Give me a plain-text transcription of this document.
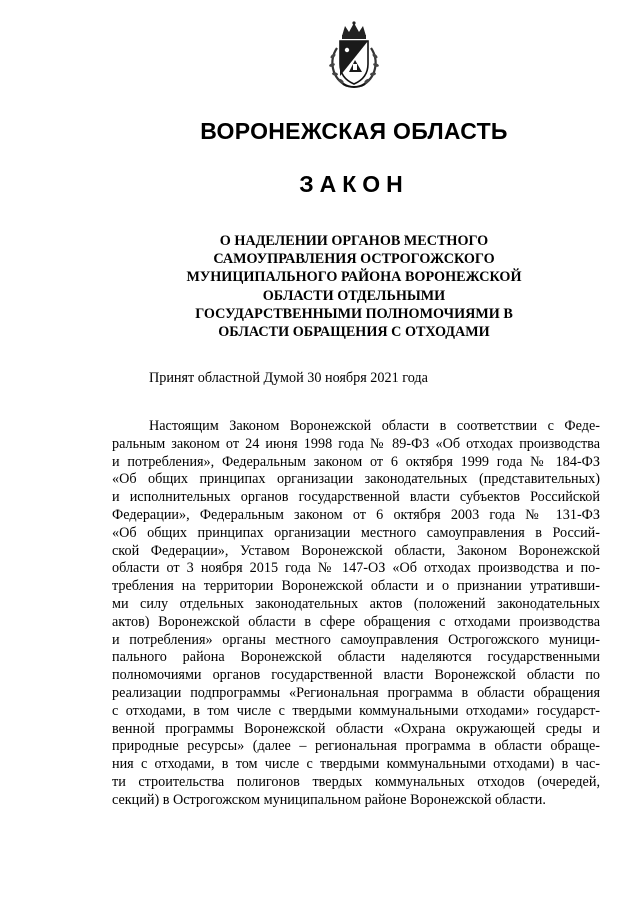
ВОРОНЕЖСКАЯ ОБЛАСТЬ
ЗАКОН
О НАДЕЛЕНИИ ОРГАНОВ МЕСТНОГО
САМОУПРАВЛЕНИЯ ОСТРОГОЖСКОГО
МУНИЦИПАЛЬНОГО РАЙОНА ВОРОНЕЖСКОЙ
ОБЛАСТИ ОТДЕЛЬНЫМИ
ГОСУДАРСТВЕННЫМИ ПОЛНОМОЧИЯМИ В
ОБЛАСТИ ОБРАЩЕНИЯ С ОТХОДАМИ
Принят областной Думой 30 ноября 2021 года
Настоящим Законом Воронежской области в соответствии с Феде-
ральным законом от 24 июня 1998 года № 89-ФЗ «Об отходах производства
и потребления», Федеральным законом от 6 октября 1999 года № 184-ФЗ
«Об общих принципах организации законодательных (представительных)
и исполнительных органов государственной власти субъектов Российской
Федерации», Федеральным законом от 6 октября 2003 года № 131-ФЗ
«Об общих принципах организации местного самоуправления в Россий-
ской Федерации», Уставом Воронежской области, Законом Воронежской
области от 3 ноября 2015 года № 147-ОЗ «Об отходах производства и по-
требления на территории Воронежской области и о признании утративши-
ми силу отдельных законодательных актов (положений законодательных
актов) Воронежской области в сфере обращения с отходами производства
и потребления» органы местного самоуправления Острогожского муници-
пального района Воронежской области наделяются государственными
полномочиями органов государственной власти Воронежской области по
реализации подпрограммы «Региональная программа в области обращения
с отходами, в том числе с твердыми коммунальными отходами» государст-
венной программы Воронежской области «Охрана окружающей среды и
природные ресурсы» (далее – региональная программа в области обраще-
ния с отходами, в том числе с твердыми коммунальными отходами) в час-
ти строительства полигонов твердых коммунальных отходов (очередей,
секций) в Острогожском муниципальном районе Воронежской области.
